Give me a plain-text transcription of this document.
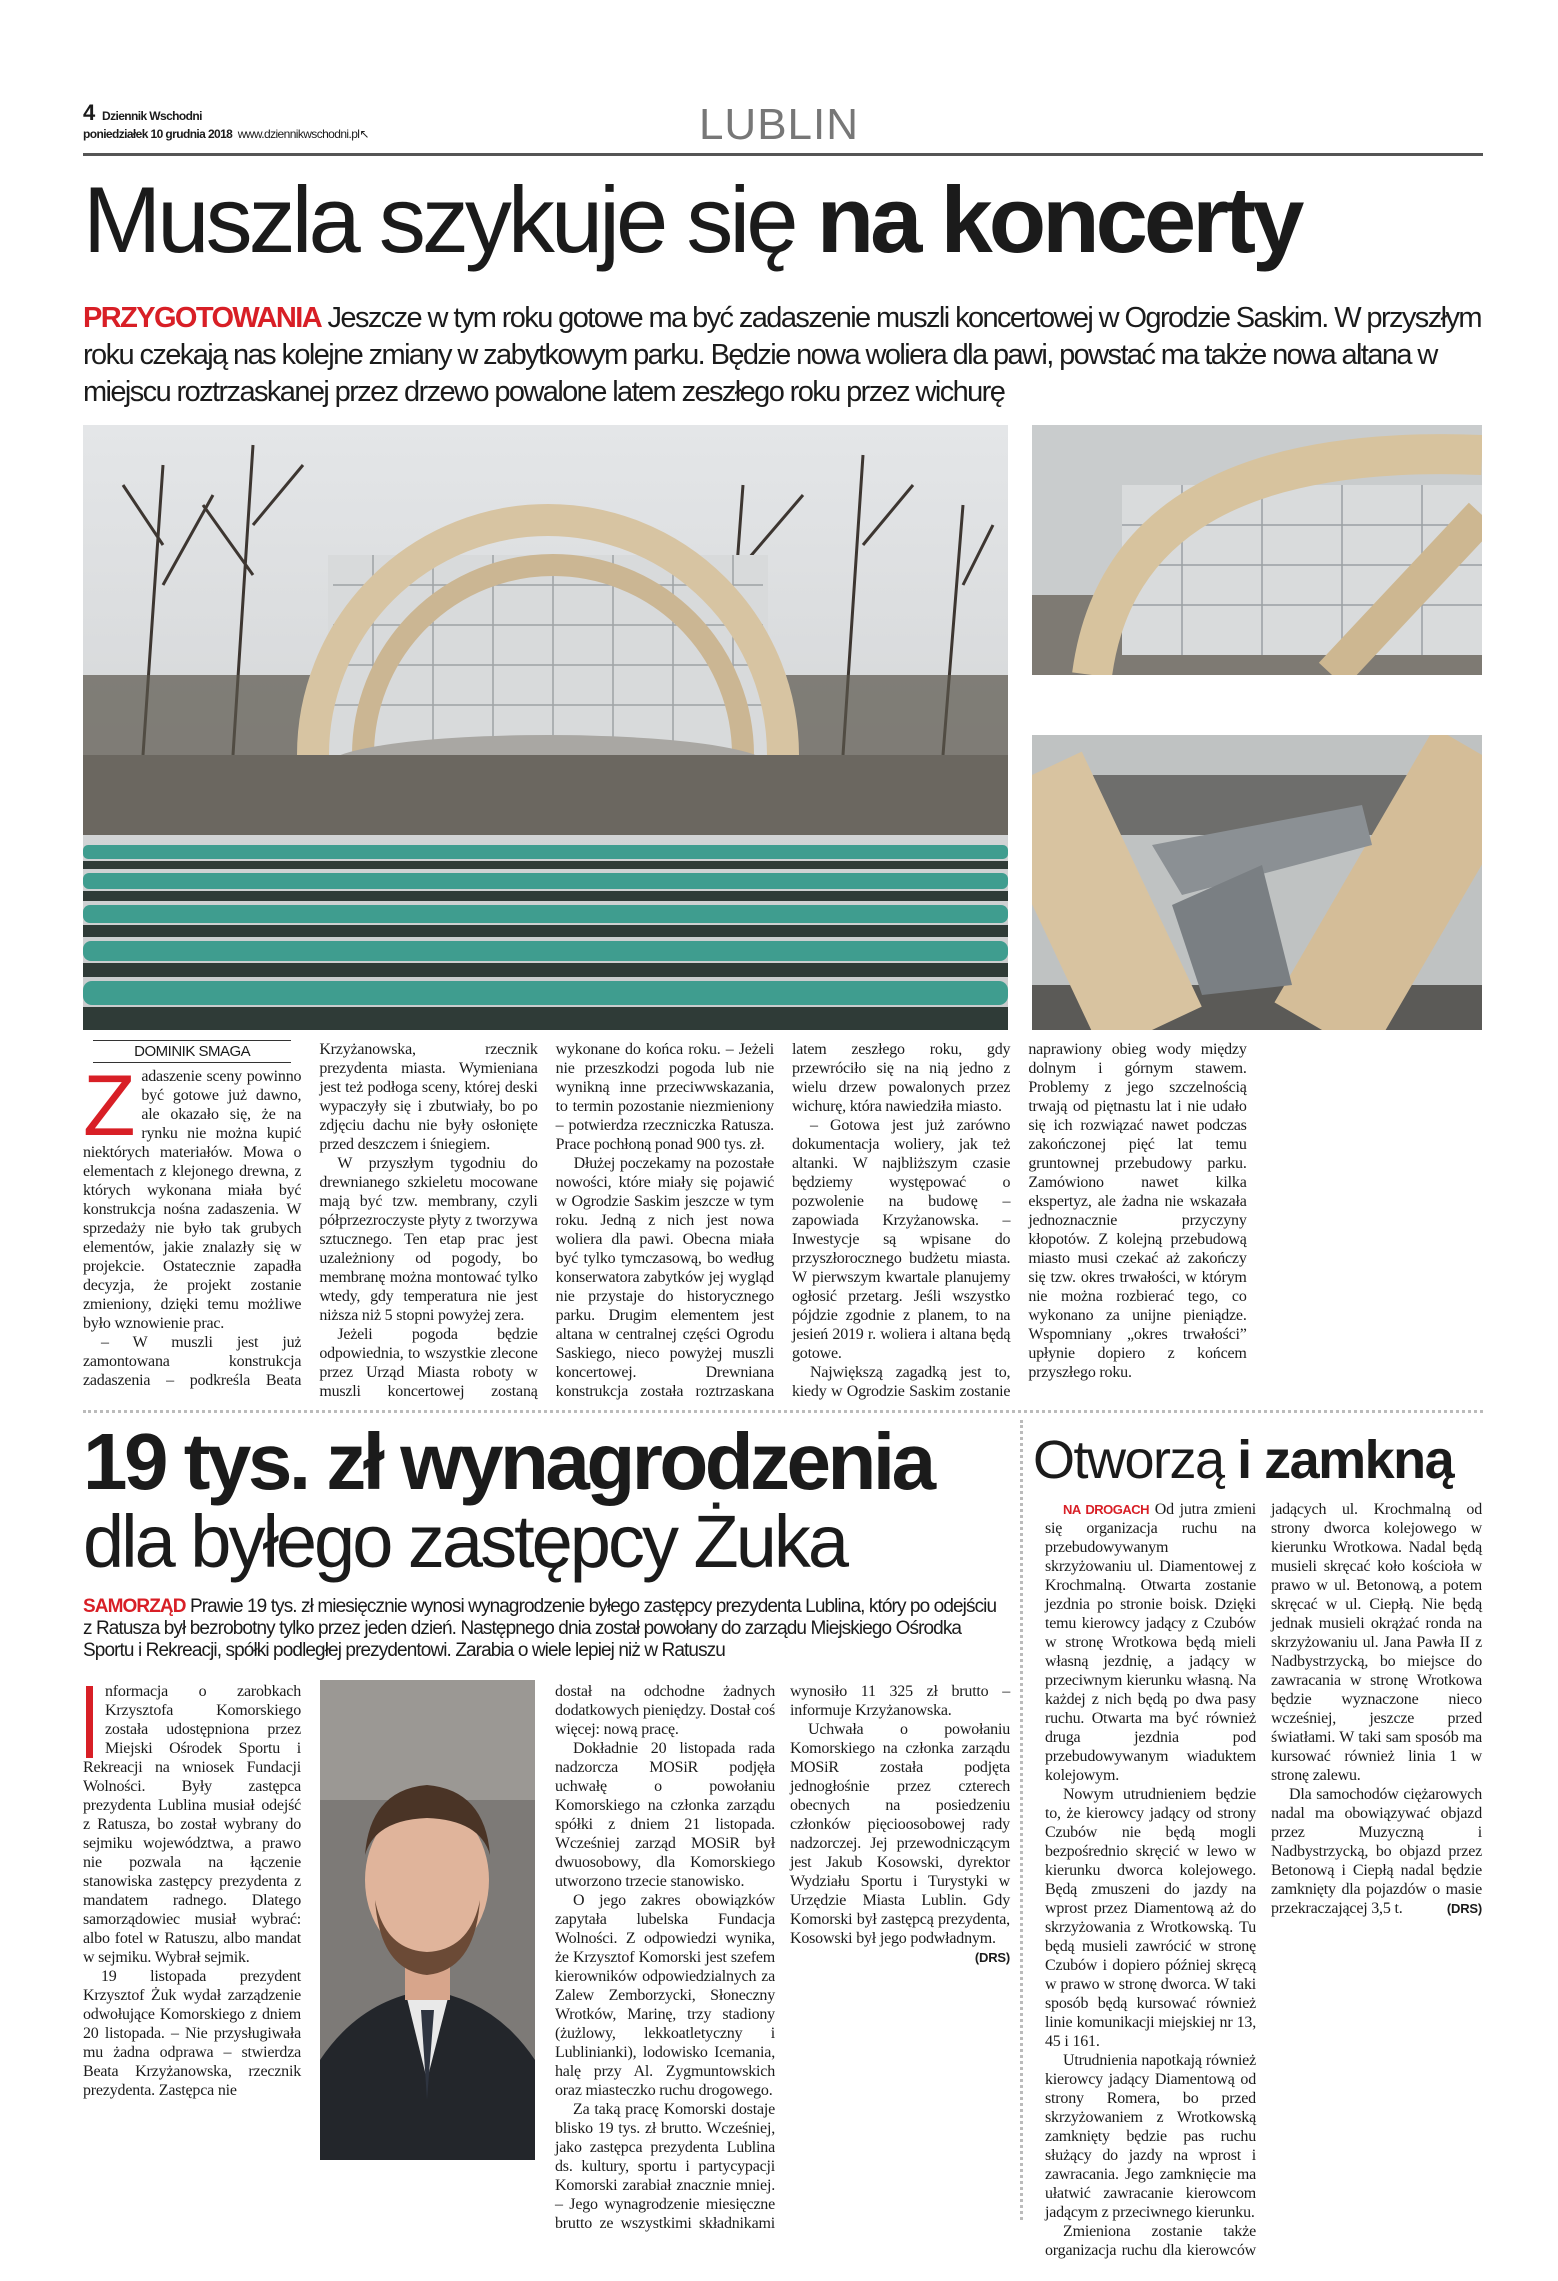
4 Dziennik Wschodni
poniedziałek 10 grudnia 2018 www.dziennikwschodni.pl↖	LUBLIN
Muszla szykuje się na koncerty
PRZYGOTOWANIA Jeszcze w tym roku gotowe ma być zadaszenie muszli koncertowej w Ogrodzie Saskim. W przyszłym roku czekają nas kolejne zmiany w zabytkowym parku. Będzie nowa woliera dla pawi, powstać ma także nowa altana w miejscu roztrzaskanej przez drzewo powalone latem zeszłego roku przez wichurę
DOMINIK SMAGA

Zadaszenie sceny powinno być gotowe już dawno, ale okazało się, że na rynku nie można kupić niektórych materiałów. Mowa o elementach z klejonego drewna, z których wykonana miała być konstrukcja nośna zadaszenia. W sprzedaży nie było tak grubych elementów, jakie znalazły się w projekcie. Ostatecznie zapadła decyzja, że projekt zostanie zmieniony, dzięki temu możliwe było wznowienie prac.

– W muszli jest już zamontowana konstrukcja zadaszenia – podkreśla Beata Krzyżanowska, rzecznik prezydenta miasta. Wymieniana jest też podłoga sceny, której deski wypaczyły się i zbutwiały, bo po zdjęciu dachu nie były osłonięte przed deszczem i śniegiem.

W przyszłym tygodniu do drewnianego szkieletu mocowane mają być tzw. membrany, czyli półprzezroczyste płyty z tworzywa sztucznego. Ten etap prac jest uzależniony od pogody, bo membranę można montować tylko wtedy, gdy temperatura nie jest niższa niż 5 stopni powyżej zera.

Jeżeli pogoda będzie odpowiednia, to wszystkie zlecone przez Urząd Miasta roboty w muszli koncertowej zostaną wykonane do końca roku. – Jeżeli nie przeszkodzi pogoda lub nie wynikną inne przeciwwskazania, to termin pozostanie niezmieniony – potwierdza rzeczniczka Ratusza. Prace pochłoną ponad 900 tys. zł.

Dłużej poczekamy na pozostałe nowości, które miały się pojawić w Ogrodzie Saskim jeszcze w tym roku. Jedną z nich jest nowa woliera dla pawi. Obecna miała być tylko tymczasową, bo według konserwatora zabytków jej wygląd nie przystaje do historycznego parku. Drugim elementem jest altana w centralnej części Ogrodu Saskiego, nieco powyżej muszli koncertowej. Drewniana konstrukcja została roztrzaskana latem zeszłego roku, gdy przewróciło się na nią jedno z wielu drzew powalonych przez wichurę, która nawiedziła miasto.

– Gotowa jest już zarówno dokumentacja woliery, jak też altanki. W najbliższym czasie będziemy występować o pozwolenie na budowę – zapowiada Krzyżanowska. – Inwestycje są wpisane do przyszłorocznego budżetu miasta. W pierwszym kwartale planujemy ogłosić przetarg. Jeśli wszystko pójdzie zgodnie z planem, to na jesień 2019 r. woliera i altana będą gotowe.

Największą zagadką jest to, kiedy w Ogrodzie Saskim zostanie naprawiony obieg wody między dolnym i górnym stawem. Problemy z jego szczelnością trwają od piętnastu lat i nie udało się ich rozwiązać nawet podczas zakończonej pięć lat temu gruntownej przebudowy parku. Zamówiono nawet kilka ekspertyz, ale żadna nie wskazała jednoznacznie przyczyny kłopotów. Z kolejną przebudową miasto musi czekać aż zakończy się tzw. okres trwałości, w którym nie można rozbierać tego, co wykonano za unijne pieniądze. Wspomniany „okres trwałości” upłynie dopiero z końcem przyszłego roku.

19 tys. zł wynagrodzenia
dla byłego zastępcy Żuka
SAMORZĄD Prawie 19 tys. zł miesięcznie wynosi wynagrodzenie byłego zastępcy prezydenta Lublina, który po odejściu z Ratusza był bezrobotny tylko przez jeden dzień. Następnego dnia został powołany do zarządu Miejskiego Ośrodka Sportu i Rekreacji, spółki podległej prezydentowi. Zarabia o wiele lepiej niż w Ratuszu

I	nformacja o zarobkach Krzysztofa Komorskiego została udostępniona przez Miejski Ośrodek Sportu i Rekreacji na wniosek Fundacji Wolności. Były zastępca prezydenta Lublina musiał odejść z Ratusza, bo został wybrany do sejmiku województwa, a prawo nie pozwala na łączenie stanowiska zastępcy prezydenta z mandatem radnego. Dlatego samorządowiec musiał wybrać: albo fotel w Ratuszu, albo mandat w sejmiku. Wybrał sejmik.

19 listopada prezydent Krzysztof Żuk wydał zarządzenie odwołujące Komorskiego z dniem 20 listopada. – Nie przysługiwała mu żadna odprawa – stwierdza Beata Krzyżanowska, rzecznik prezydenta. Zastępca nie

dostał na odchodne żadnych dodatkowych pieniędzy. Dostał coś więcej: nową pracę.

Dokładnie 20 listopada rada nadzorcza MOSiR podjęła uchwałę o powołaniu Komorskiego na członka zarządu spółki z dniem 21 listopada. Wcześniej zarząd MOSiR był dwuosobowy, dla Komorskiego utworzono trzecie stanowisko.

O jego zakres obowiązków zapytała lubelska Fundacja Wolności. Z odpowiedzi wynika, że Krzysztof Komorski jest szefem kierowników odpowiedzialnych za Zalew Zemborzycki, Słoneczny Wrotków, Marinę, trzy stadiony (żużlowy, lekkoatletyczny i Lublinianki), lodowisko Icemania, halę przy Al. Zygmuntowskich oraz miasteczko ruchu drogowego.

Za taką pracę Komorski dostaje blisko 19 tys. zł brutto. Wcześniej, jako zastępca prezydenta Lublina ds. kultury, sportu i partycypacji Komorski zarabiał znacznie mniej. – Jego wynagrodzenie miesięczne brutto ze wszystkimi składnikami wynosiło 11 325 zł brutto – informuje Krzyżanowska.

Uchwała o powołaniu Komorskiego na członka zarządu MOSiR została podjęta jednogłośnie przez czterech obecnych na posiedzeniu członków pięcioosobowej rady nadzorczej. Jej przewodniczącym jest Jakub Kosowski, dyrektor Wydziału Sportu i Turystyki w Urzędzie Miasta Lublin. Gdy Komorski był zastępcą prezydenta, Kosowski był jego podwładnym.
(DRS)

Otworzą i zamkną

NA DROGACH Od jutra zmieni się organizacja ruchu na przebudowywanym skrzyżowaniu ul. Diamentowej z Krochmalną. Otwarta zostanie jezdnia po stronie boisk. Dzięki temu kierowcy jadący z Czubów w stronę Wrotkowa będą mieli własną jezdnię, a jadący w przeciwnym kierunku własną. Na każdej z nich będą po dwa pasy ruchu. Otwarta ma być również druga jezdnia pod przebudowywanym wiaduktem kolejowym.

Nowym utrudnieniem będzie to, że kierowcy jadący od strony Czubów nie będą mogli bezpośrednio skręcić w lewo w kierunku dworca kolejowego. Będą zmuszeni do jazdy na wprost przez Diamentową aż do skrzyżowania z Wrotkowską. Tu będą musieli zawrócić w stronę Czubów i dopiero później skręcą w prawo w stronę dworca. W taki sposób będą kursować również linie komunikacji miejskiej nr 13, 45 i 161.

Utrudnienia napotkają również kierowcy jadący Diamentową od strony Romera, bo przed skrzyżowaniem z Wrotkowską zamknięty będzie pas ruchu służący do jazdy na wprost i zawracania. Jego zamknięcie ma ułatwić zawracanie kierowcom jadącym z przeciwnego kierunku.

Zmieniona zostanie także organizacja ruchu dla kierowców jadących ul. Krochmalną od strony dworca kolejowego w kierunku Wrotkowa. Nadal będą musieli skręcać koło kościoła w prawo w ul. Betonową, a potem skręcać w ul. Ciepłą. Nie będą jednak musieli okrążać ronda na skrzyżowaniu ul. Jana Pawła II z Nadbystrzycką, bo miejsce do zawracania w stronę Wrotkowa będzie wyznaczone nieco wcześniej, jeszcze przed światłami. W taki sam sposób ma kursować również linia 1 w stronę zalewu.

Dla samochodów ciężarowych nadal ma obowiązywać objazd przez Muzyczną i Nadbystrzycką, bo objazd przez Betonową i Ciepłą nadal będzie zamknięty dla pojazdów o masie przekraczającej 3,5 t.	(DRS)
